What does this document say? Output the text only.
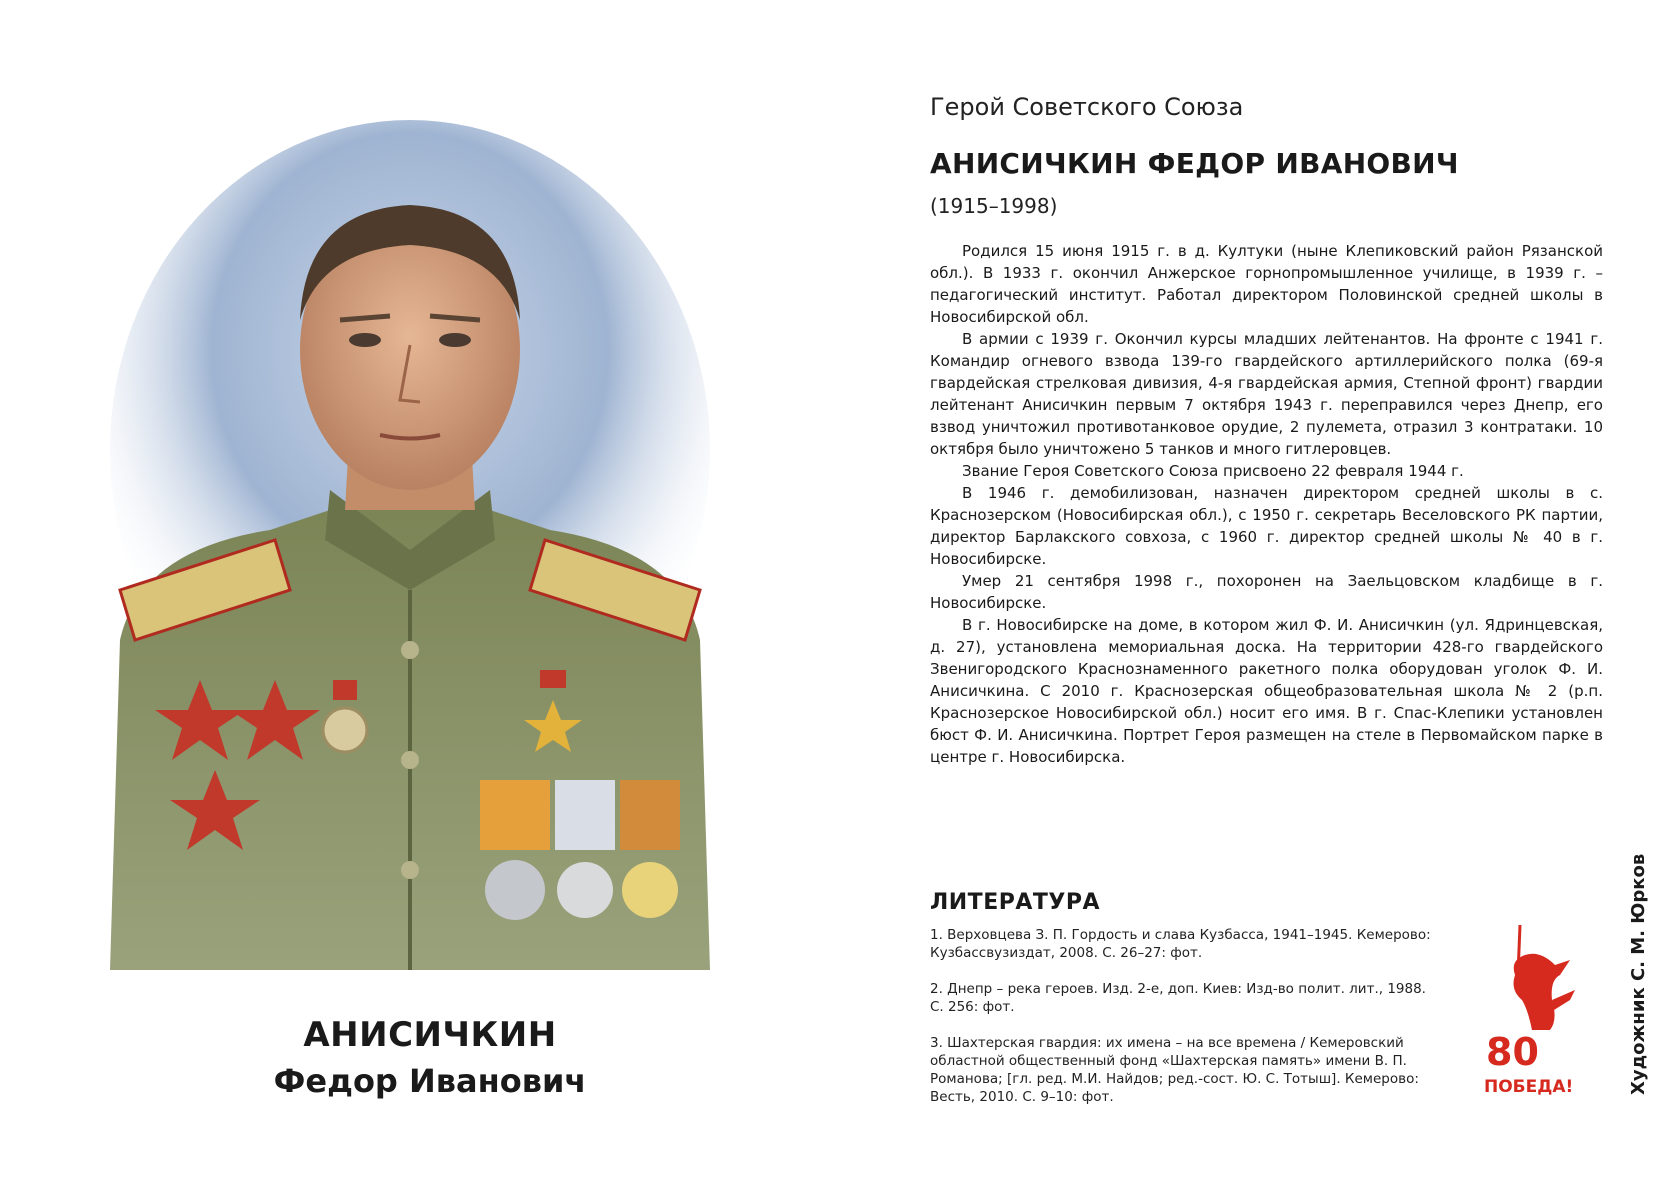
АНИСИЧКИН
Федор Иванович
Герой Советского Союза
АНИСИЧКИН ФЕДОР ИВАНОВИЧ
(1915–1998)

Родился 15 июня 1915 г. в д. Култуки (ныне Клепиковский район Рязанской обл.). В 1933 г. окончил Анжерское горнопромышленное училище, в 1939 г. – педагогический институт. Работал директором Половинской средней школы в Новосибирской обл.

В армии с 1939 г. Окончил курсы младших лейтенантов. На фронте с 1941 г. Командир огневого взвода 139-го гвардейского артиллерийского полка (69-я гвардейская стрелковая дивизия, 4-я гвардейская армия, Степной фронт) гвардии лейтенант Анисичкин первым 7 октября 1943 г. переправился через Днепр, его взвод уничтожил противотанковое орудие, 2 пулемета, отразил 3 контратаки. 10 октября было уничтожено 5 танков и много гитлеровцев.

Звание Героя Советского Союза присвоено 22 февраля 1944 г.

В 1946 г. демобилизован, назначен директором средней школы в с. Краснозерском (Новосибирская обл.), с 1950 г. секретарь Веселовского РК партии, директор Барлакского совхоза, с 1960 г. директор средней школы № 40 в г. Новосибирске.

Умер 21 сентября 1998 г., похоронен на Заельцовском кладбище в г. Новосибирске.

В г. Новосибирске на доме, в котором жил Ф. И. Анисичкин (ул. Ядринцевская, д. 27), установлена мемориальная доска. На территории 428-го гвардейского Звенигородского Краснознаменного ракетного полка оборудован уголок Ф. И. Анисичкина. С 2010 г. Краснозерская общеобразовательная школа № 2 (р.п. Краснозерское Новосибирской обл.) носит его имя. В г. Спас-Клепики установлен бюст Ф. И. Анисичкина. Портрет Героя размещен на стеле в Первомайском парке в центре г. Новосибирска.

ЛИТЕРАТУРА
1. Верховцева З. П. Гордость и слава Кузбасса, 1941–1945. Кемерово: Кузбассвузиздат, 2008. С. 26–27: фот.
2. Днепр – река героев. Изд. 2-е, доп. Киев: Изд-во полит. лит., 1988. С. 256: фот.
3. Шахтерская гвардия: их имена – на все времена / Кемеровский областной общественный фонд «Шахтерская память» имени В. П. Романова; [гл. ред. М.И. Найдов; ред.-сост. Ю. С. Тотыш]. Кемерово: Весть, 2010. С. 9–10: фот.
80
ПОБЕДА!	Художник С. М. Юрков
